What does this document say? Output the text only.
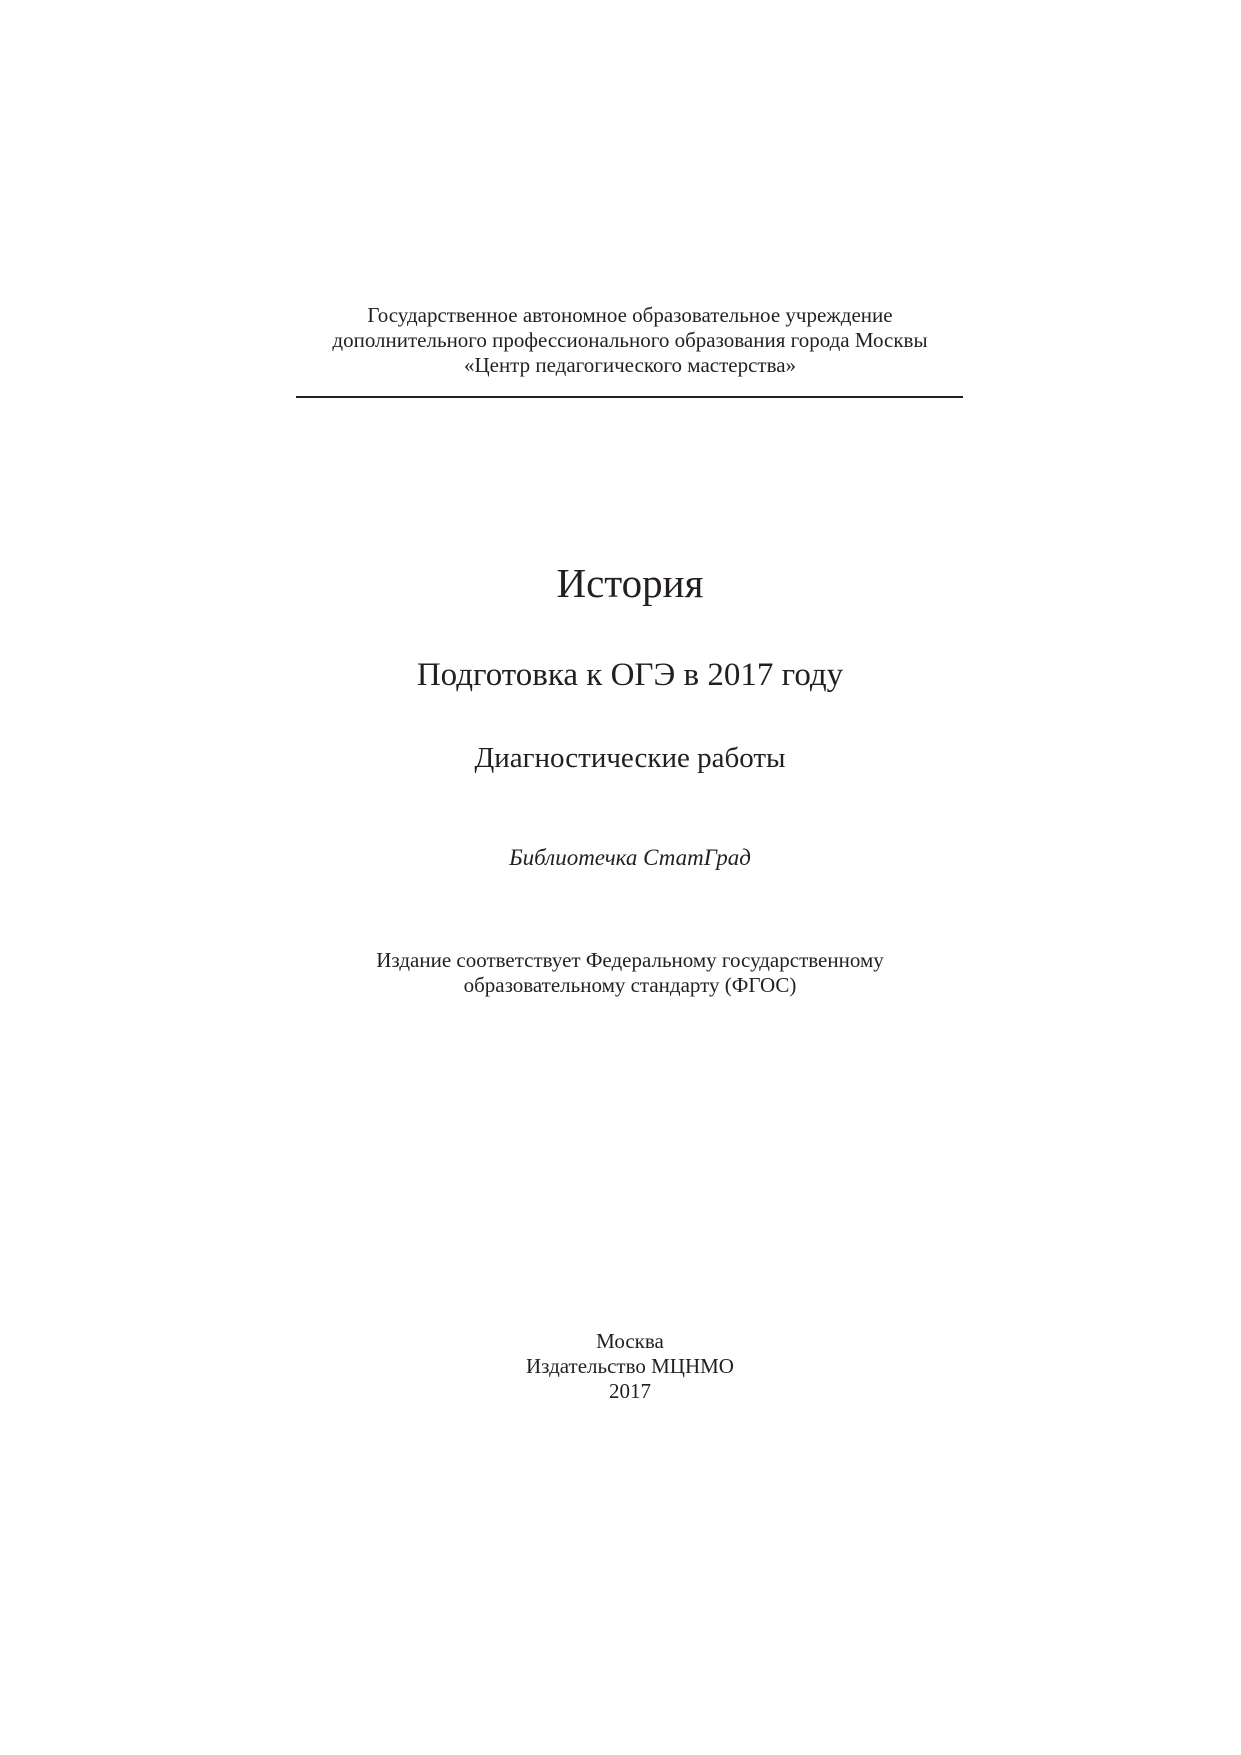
Государственное автономное образовательное учреждение
дополнительного профессионального образования города Москвы
«Центр педагогического мастерства»
История
Подготовка к ОГЭ в 2017 году
Диагностические работы
Библиотечка СтатГрад
Издание соответствует Федеральному государственному
образовательному стандарту (ФГОС)
Москва
Издательство МЦНМО
2017
